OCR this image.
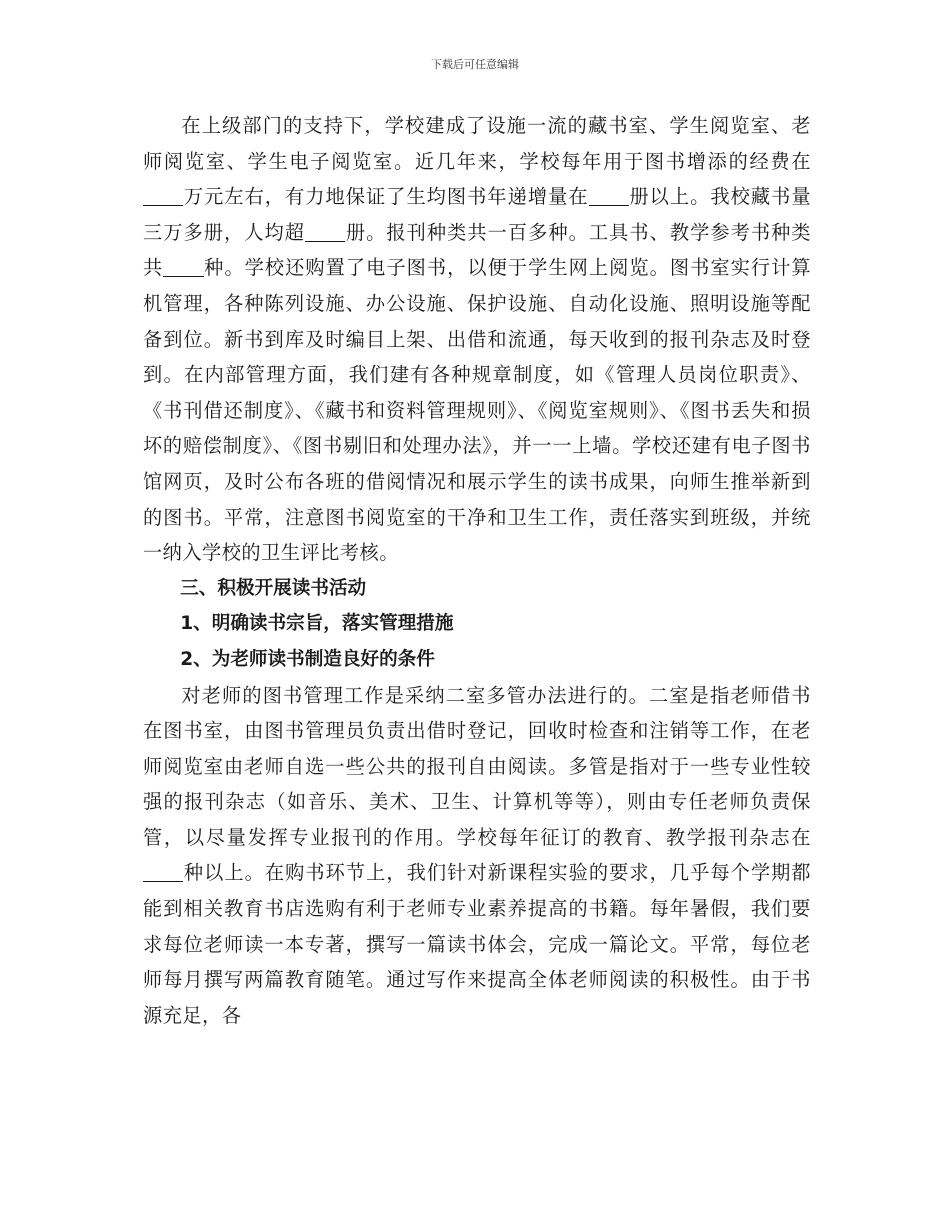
下载后可任意编辑

在上级部门的支持下，学校建成了设施一流的藏书室、学生阅览室、老师阅览室、学生电子阅览室。近几年来，学校每年用于图书增添的经费在万元左右，有力地保证了生均图书年递增量在 册以上。我校藏书量三万多册，人均超 册。报刊种类共一百多种。工具书、教学参考书种类共 种。学校还购置了电子图书，以便于学生网上阅览。图书室实行计算机管理，各种陈列设施、办公设施、保护设施、自动化设施、照明设施等配备到位。新书到库及时编目上架、出借和流通，每天收到的报刊杂志及时登到。在内部管理方面，我们建有各种规章制度，如《管理人员岗位职责》、《书刊借还制度》、《藏书和资料管理规则》、《阅览室规则》、《图书丢失和损坏的赔偿制度》、《图书剔旧和处理办法》，并一一上墙。学校还建有电子图书馆网页，及时公布各班的借阅情况和展示学生的读书成果，向师生推举新到的图书。平常，注意图书阅览室的干净和卫生工作，责任落实到班级，并统一纳入学校的卫生评比考核。

三、积极开展读书活动

1、明确读书宗旨，落实管理措施

2、为老师读书制造良好的条件

对老师的图书管理工作是采纳二室多管办法进行的。二室是指老师借书在图书室，由图书管理员负责出借时登记，回收时检查和注销等工作，在老师阅览室由老师自选一些公共的报刊自由阅读。多管是指对于一些专业性较强的报刊杂志（如音乐、美术、卫生、计算机等等），则由专任老师负责保管，以尽量发挥专业报刊的作用。学校每年征订的教育、教学报刊杂志在种以上。在购书环节上，我们针对新课程实验的要求，几乎每个学期都能到相关教育书店选购有利于老师专业素养提高的书籍。每年暑假，我们要求每位老师读一本专著，撰写一篇读书体会，完成一篇论文。平常，每位老师每月撰写两篇教育随笔。通过写作来提高全体老师阅读的积极性。由于书源充足，各
